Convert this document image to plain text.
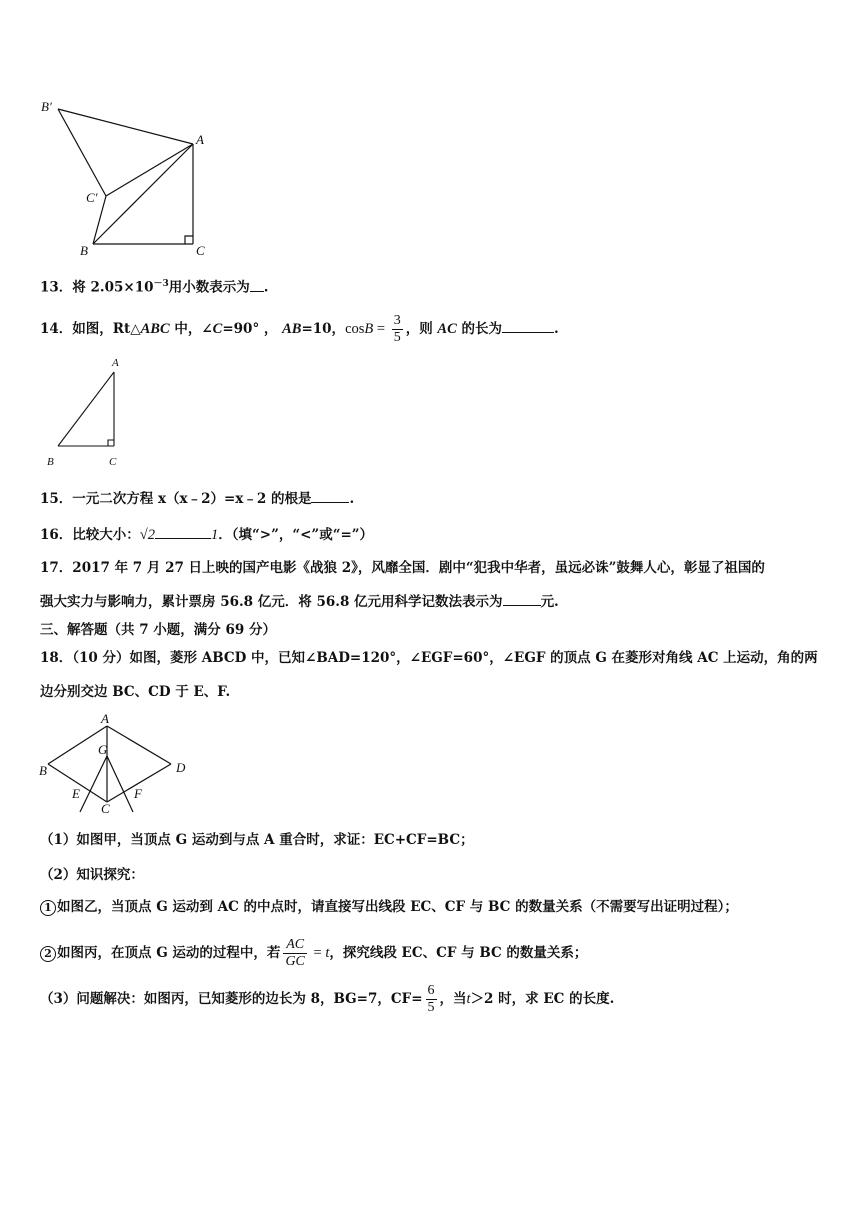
B′
A
C′
B	C
13．将 $2.05\times 10^{-3}$用小数表示为 .
14．如图，Rt△ABC 中，∠C=90° ， AB=10，$\cos B = \frac{3}{5}$ ，则 AC 的长为	.
A
B	C
15．一元二次方程 x（x﹣2）=x﹣2 的根是	.
16．比较大小：√2	1．（填“>”，“<”或“=”）
17．2017 年 7 月 27 日上映的国产电影《战狼 2》，风靡全国．剧中“犯我中华者，虽远必诛”鼓舞人心，彰显了祖国的
强大实力与影响力，累计票房 56.8 亿元．将 56.8 亿元用科学记数法表示为	元.
三、解答题（共 7 小题，满分 69 分）
18．（10 分）如图，菱形 ABCD 中，已知∠BAD=120°，∠EGF=60°，∠EGF 的顶点 G 在菱形对角线 AC 上运动，角的两
边分别交边 BC、CD 于 E、F.
A
G
B	D
E
C
F
（1）如图甲，当顶点 G 运动到与点 A 重合时，求证：EC+CF=BC；
（2）知识探究：
1 如图乙，当顶点 G 运动到 AC 的中点时，请直接写出线段 EC、CF 与 BC 的数量关系（不需要写出证明过程）；
2 如图丙，在顶点 G 运动的过程中，若 $\frac{AC}{GC} = t$，探究线段 EC、CF 与 BC 的数量关系；
（3）问题解决：如图丙，已知菱形的边长为 8，BG=7，$CF= \frac{6}{5}$ ，当t＞2 时，求 EC 的长度.
